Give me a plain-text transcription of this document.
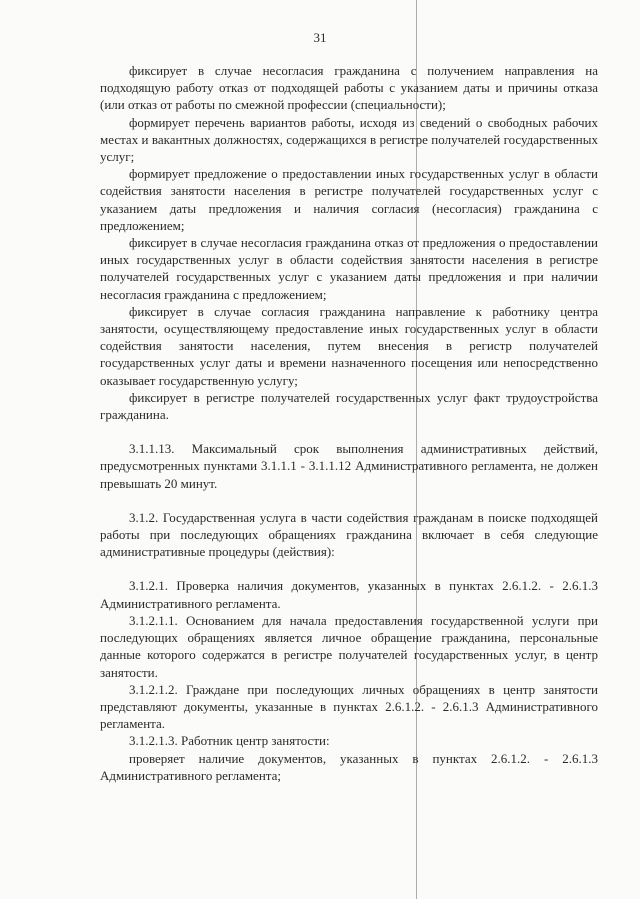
31

фиксирует в случае несогласия гражданина с получением направления на подходящую работу отказ от подходящей работы с указанием даты и причины отказа (или отказ от работы по смежной профессии (специальности);

формирует перечень вариантов работы, исходя из сведений о свободных рабочих местах и вакантных должностях, содержащихся в регистре получателей государственных услуг;

формирует предложение о предоставлении иных государственных услуг в области содействия занятости населения в регистре получателей государственных услуг с указанием даты предложения и наличия согласия (несогласия) гражданина с предложением;

фиксирует в случае несогласия гражданина отказ от предложения о предоставлении иных государственных услуг в области содействия занятости населения в регистре получателей государственных услуг с указанием даты предложения и при наличии несогласия гражданина с предложением;

фиксирует в случае согласия гражданина направление к работнику центра занятости, осуществляющему предоставление иных государственных услуг в области содействия занятости населения, путем внесения в регистр получателей государственных услуг даты и времени назначенного посещения или непосредственно оказывает государственную услугу;

фиксирует в регистре получателей государственных услуг факт трудоустройства гражданина.

3.1.1.13. Максимальный срок выполнения административных действий, предусмотренных пунктами 3.1.1.1 - 3.1.1.12 Административного регламента, не должен превышать 20 минут.

3.1.2. Государственная услуга в части содействия гражданам в поиске подходящей работы при последующих обращениях гражданина включает в себя следующие административные процедуры (действия):

3.1.2.1. Проверка наличия документов, указанных в пунктах 2.6.1.2. - 2.6.1.3 Административного регламента.

3.1.2.1.1. Основанием для начала предоставления государственной услуги при последующих обращениях является личное обращение гражданина, персональные данные которого содержатся в регистре получателей государственных услуг, в центр занятости.

3.1.2.1.2. Граждане при последующих личных обращениях в центр занятости представляют документы, указанные в пунктах 2.6.1.2. - 2.6.1.3 Административного регламента.

3.1.2.1.3. Работник центр занятости:

проверяет наличие документов, указанных в пунктах 2.6.1.2. - 2.6.1.3 Административного регламента;
